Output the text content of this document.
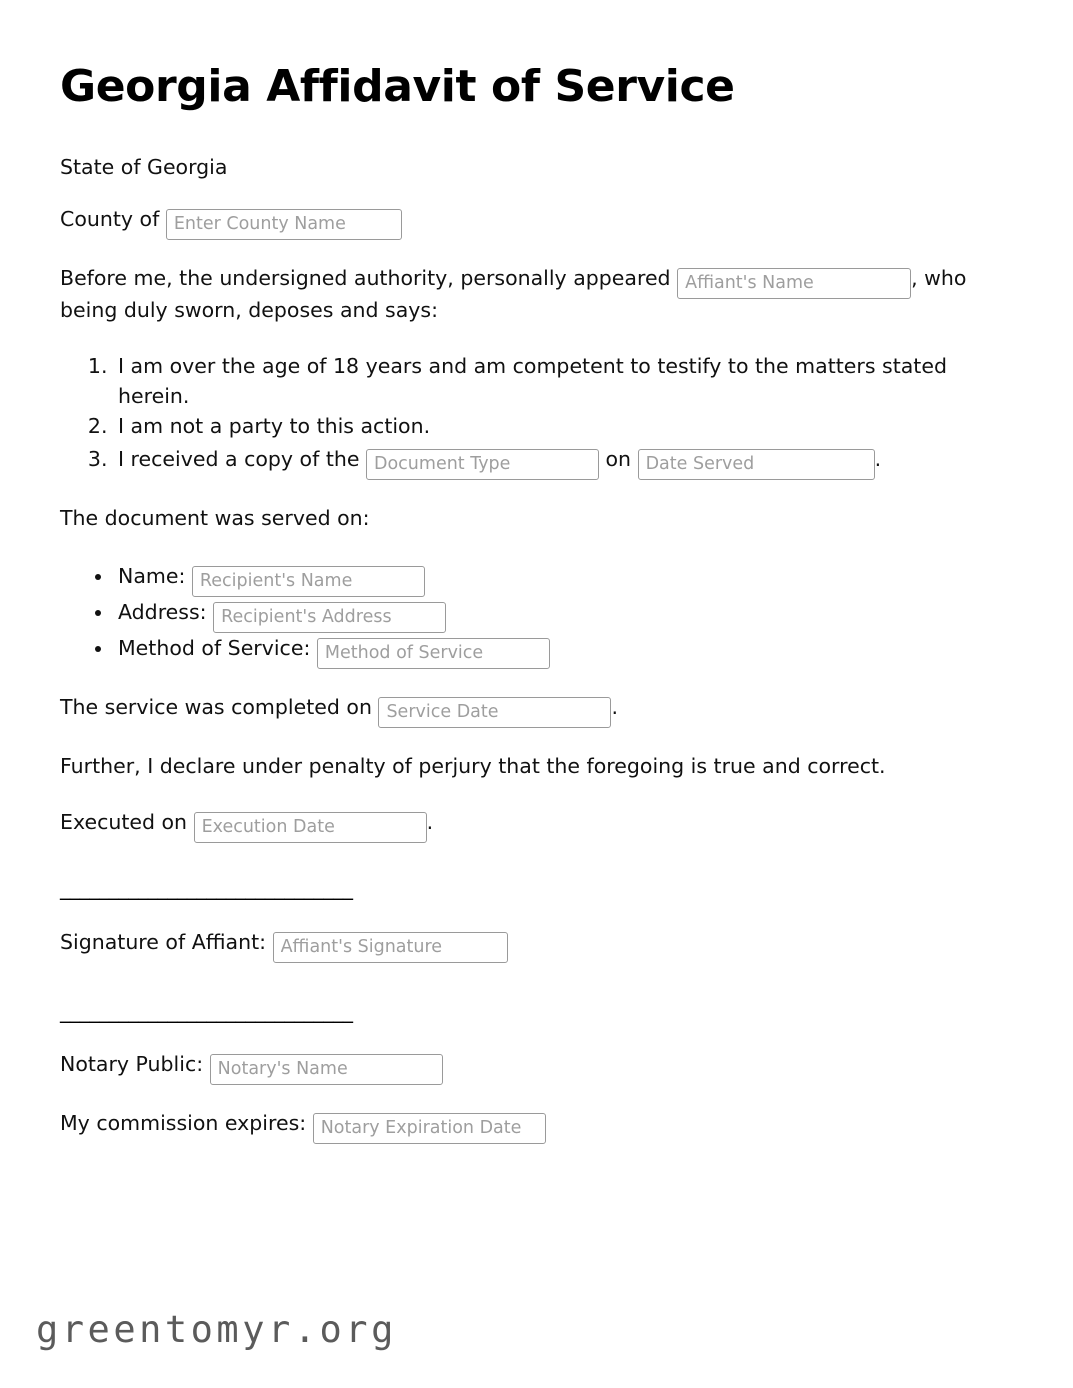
Georgia Affidavit of Service

State of Georgia

County of Enter County Name

Before me, the undersigned authority, personally appeared Affiant's Name	, who being duly sworn, deposes and says:

1. I am over the age of 18 years and am competent to testify to the matters stated herein.
2. I am not a party to this action.
3. I received a copy of the Document Type	on Date Served	.

The document was served on:

• Name: Recipient's Name
• Address: Recipient's Address
• Method of Service: Method of Service

The service was completed on Service Date	.

Further, I declare under penalty of perjury that the foregoing is true and correct.

Executed on Execution Date	.

______________________________

Signature of Affiant: Affiant's Signature

______________________________

Notary Public: Notary's Name

My commission expires: Notary Expiration Date

greentomyr.org
